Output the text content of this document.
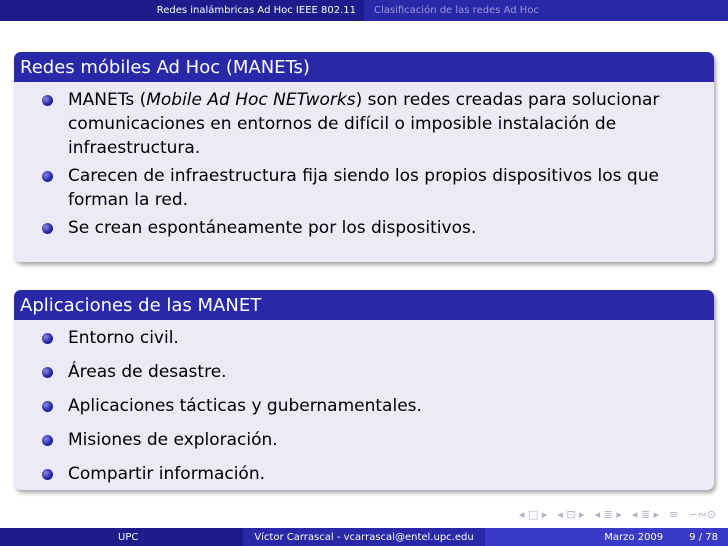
Redes inalámbricas Ad Hoc IEEE 802.11	Clasificación de las redes Ad Hoc
Redes móbiles Ad Hoc (MANETs)
MANETs (Mobile Ad Hoc NETworks) son redes creadas para solucionar comunicaciones en entornos de difícil o imposible instalación de infraestructura.
Carecen de infraestructura fija siendo los propios dispositivos los que forman la red.
Se crean espontáneamente por los dispositivos.
Aplicaciones de las MANET
Entorno civil.
Áreas de desastre.
Aplicaciones tácticas y gubernamentales.
Misiones de exploración.
Compartir información.
◂ □ ▸ ◂ ⊡ ▸ ◂ ≣ ▸ ◂ ≣ ▸ ≡ ∽∾⊙
UPC	Víctor Carrascal - vcarrascal@entel.upc.edu	Marzo 2009	9 / 78
